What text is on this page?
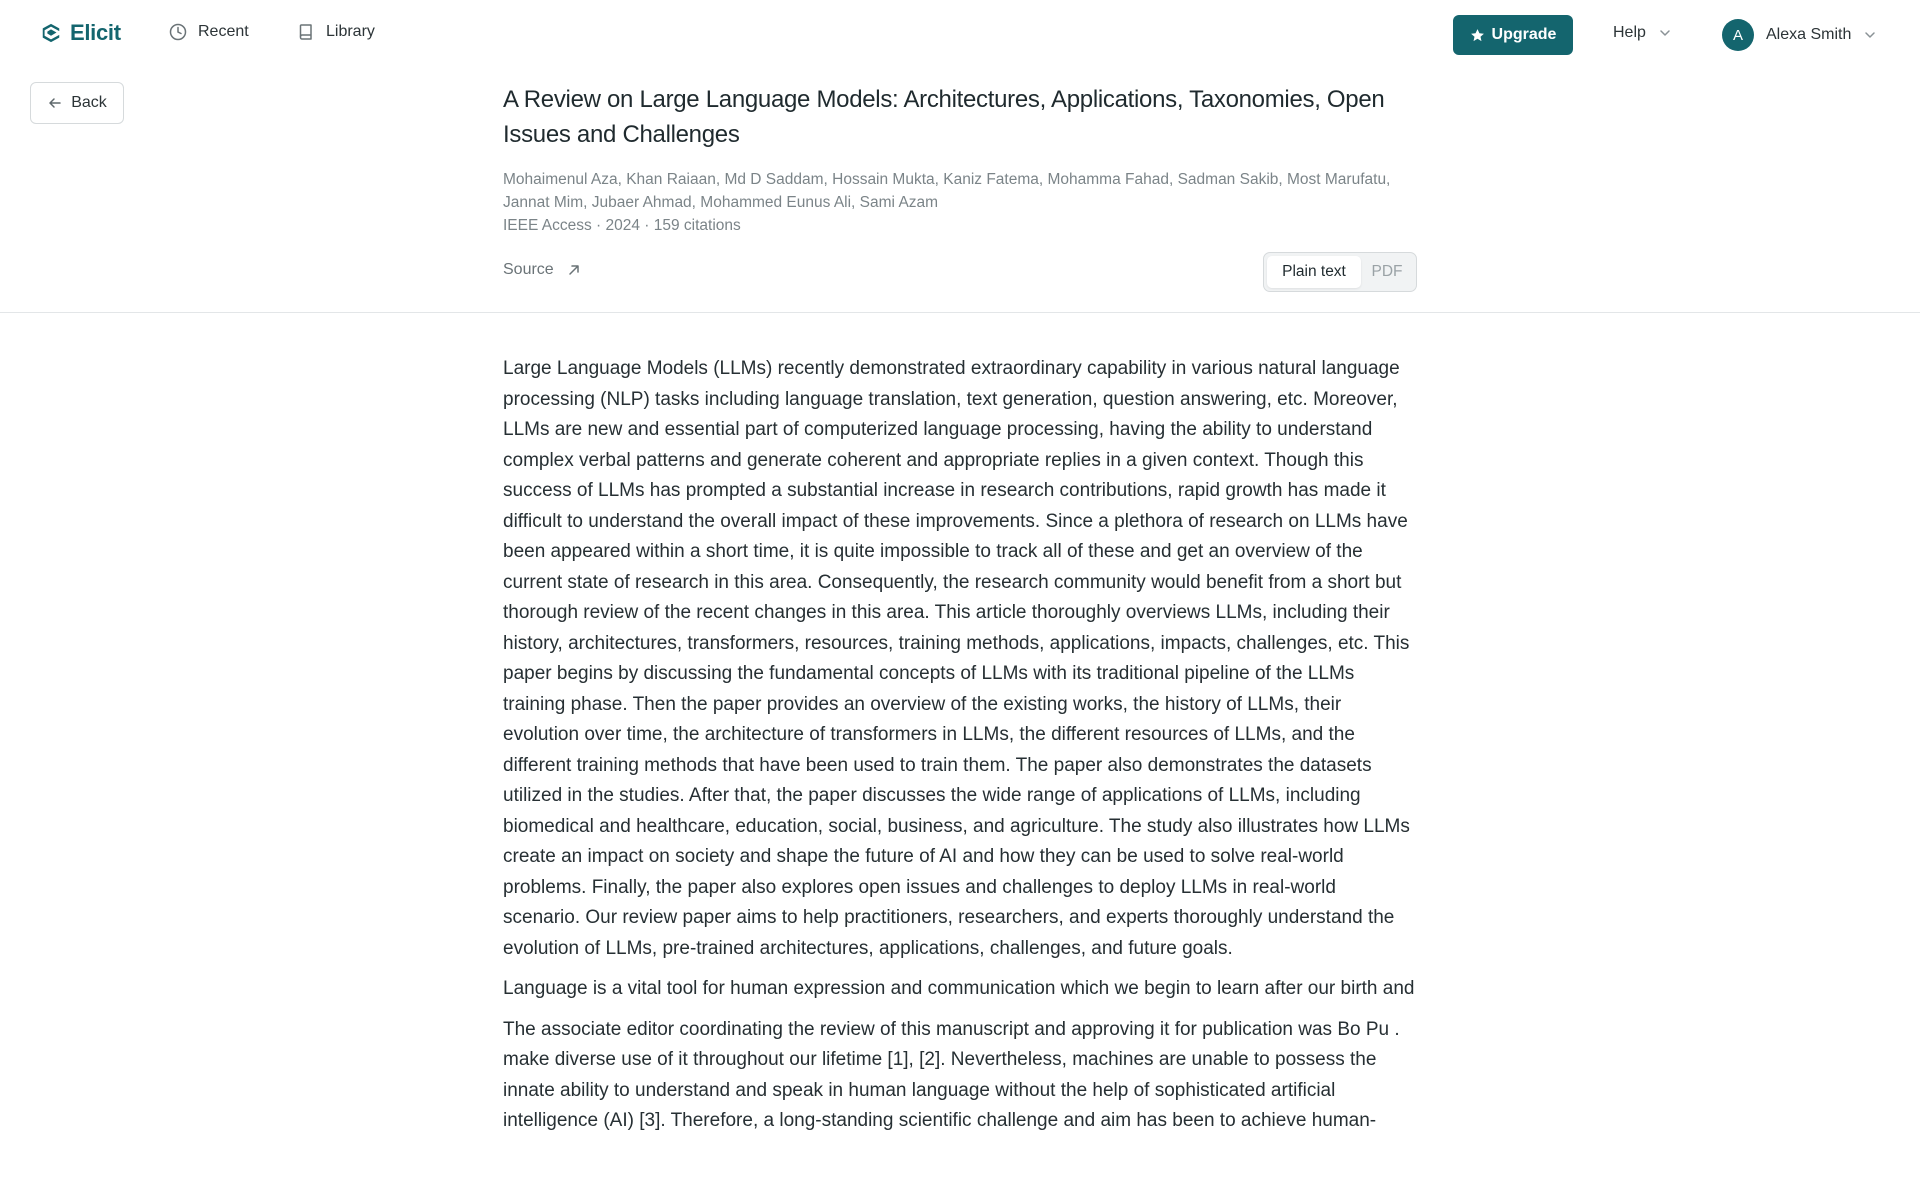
Elicit	Recent	Library	Upgrade	Help	A	Alexa Smith
Back	A Review on Large Language Models: Architectures, Applications, Taxonomies, Open Issues and Challenges
Mohaimenul Aza, Khan Raiaan, Md D Saddam, Hossain Mukta, Kaniz Fatema, Mohamma Fahad, Sadman Sakib, Most Marufatu, Jannat Mim, Jubaer Ahmad, Mohammed Eunus Ali, Sami Azam
IEEE Access · 2024 · 159 citations
Source	Plain text	PDF

Large Language Models (LLMs) recently demonstrated extraordinary capability in various natural language processing (NLP) tasks including language translation, text generation, question answering, etc. Moreover, LLMs are new and essential part of computerized language processing, having the ability to understand complex verbal patterns and generate coherent and appropriate replies in a given context. Though this success of LLMs has prompted a substantial increase in research contributions, rapid growth has made it difficult to understand the overall impact of these improvements. Since a plethora of research on LLMs have been appeared within a short time, it is quite impossible to track all of these and get an overview of the current state of research in this area. Consequently, the research community would benefit from a short but thorough review of the recent changes in this area. This article thoroughly overviews LLMs, including their history, architectures, transformers, resources, training methods, applications, impacts, challenges, etc. This paper begins by discussing the fundamental concepts of LLMs with its traditional pipeline of the LLMs training phase. Then the paper provides an overview of the existing works, the history of LLMs, their evolution over time, the architecture of transformers in LLMs, the different resources of LLMs, and the different training methods that have been used to train them. The paper also demonstrates the datasets utilized in the studies. After that, the paper discusses the wide range of applications of LLMs, including biomedical and healthcare, education, social, business, and agriculture. The study also illustrates how LLMs create an impact on society and shape the future of AI and how they can be used to solve real-world problems. Finally, the paper also explores open issues and challenges to deploy LLMs in real-world scenario. Our review paper aims to help practitioners, researchers, and experts thoroughly understand the evolution of LLMs, pre-trained architectures, applications, challenges, and future goals.

Language is a vital tool for human expression and communication which we begin to learn after our birth and

The associate editor coordinating the review of this manuscript and approving it for publication was Bo Pu . make diverse use of it throughout our lifetime [1], [2]. Nevertheless, machines are unable to possess the innate ability to understand and speak in human language without the help of sophisticated artificial intelligence (AI) [3]. Therefore, a long-standing scientific challenge and aim has been to achieve human-
